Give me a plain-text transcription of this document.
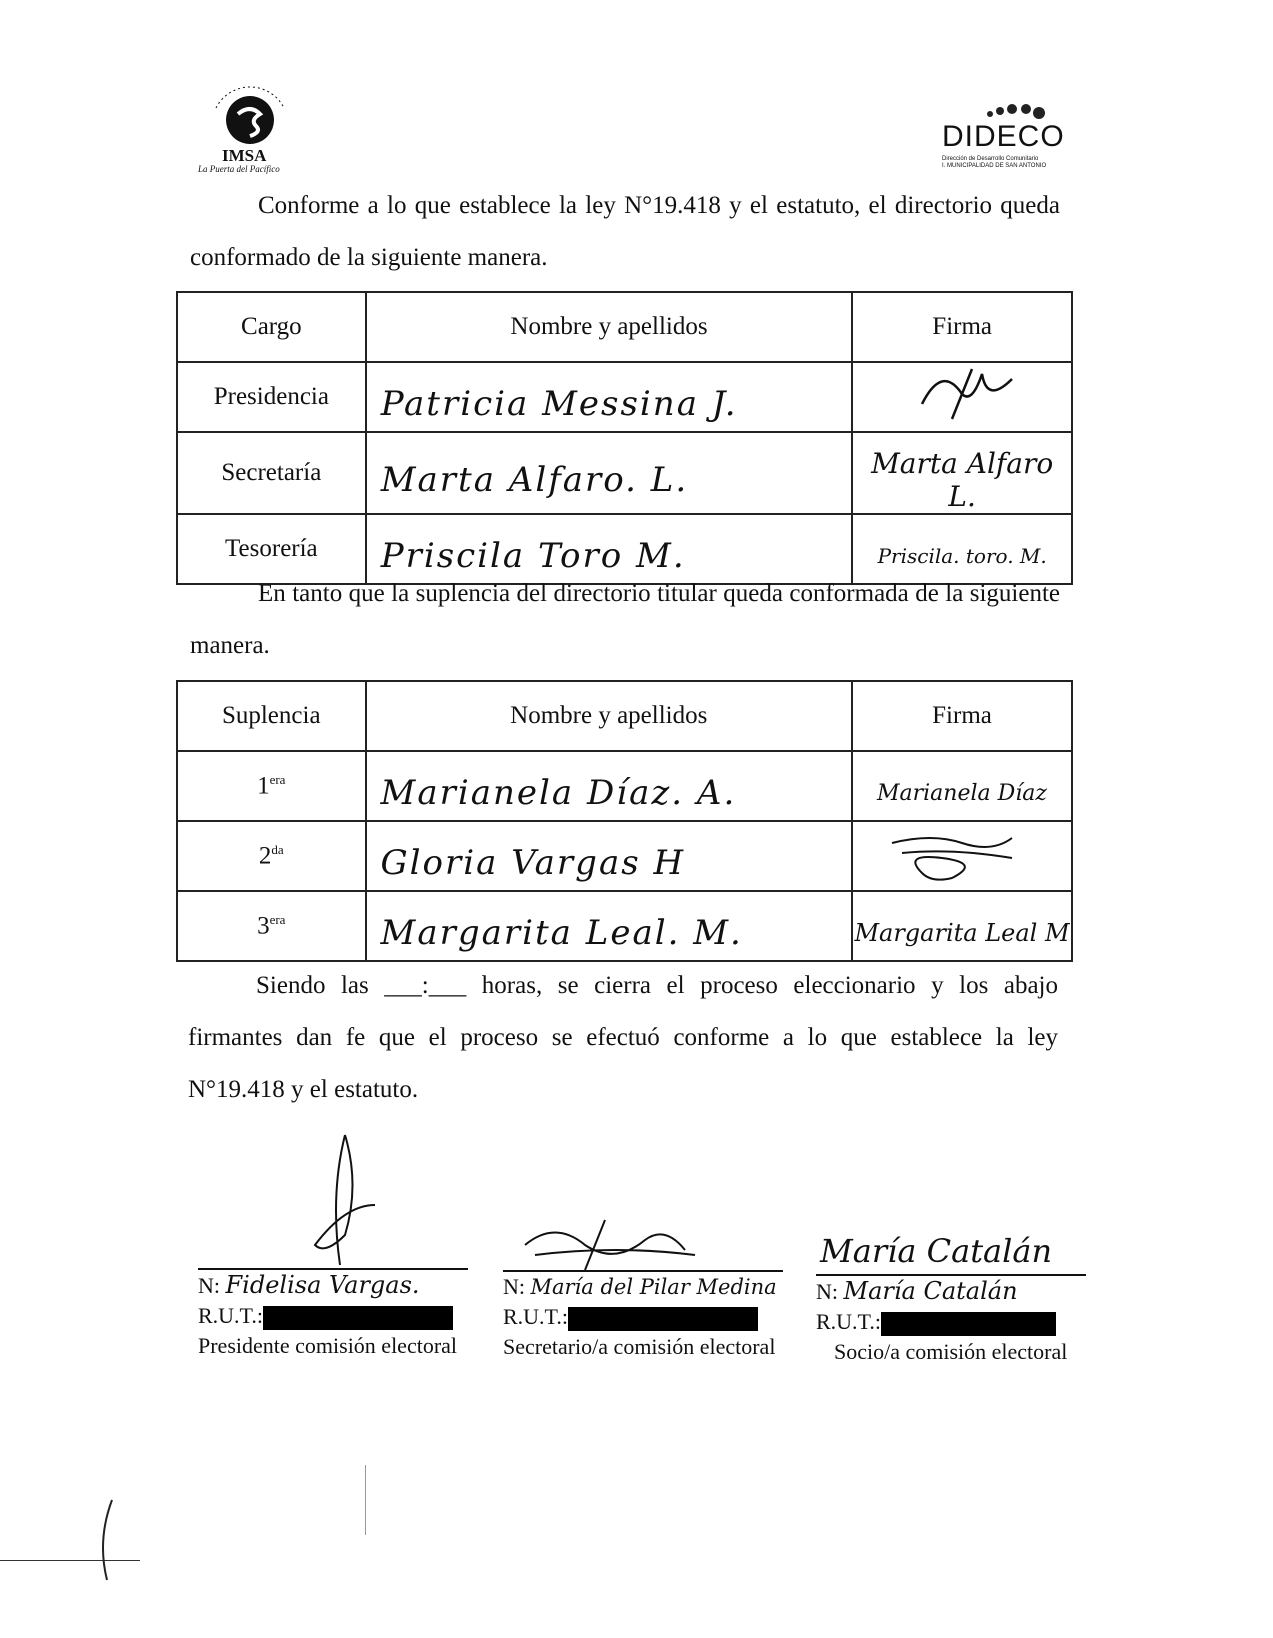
IMSA
La Puerta del Pacífico
DIDECO
Dirección de Desarrollo Comunitario
I. MUNICIPALIDAD DE SAN ANTONIO
Conforme a lo que establece la ley N°19.418 y el estatuto, el directorio queda conformado de la siguiente manera.
Cargo	Nombre y apellidos	Firma
Presidencia	Patricia Messina J.

Secretaría	Marta Alfaro. L.	Marta Alfaro L.

Tesorería	Priscila Toro M.	Priscila. toro. M.
En tanto que la suplencia del directorio titular queda conformada de la siguiente manera.
Suplencia	Nombre y apellidos	Firma
$1^{era}$	Marianela Díaz. A.	Marianela Díaz

$2^{da}$	Gloria Vargas H

$3^{era}$	Margarita Leal. M.	Margarita Leal M
Siendo las ___:___ horas, se cierra el proceso eleccionario y los abajo
firmantes dan fe que el proceso se efectuó conforme a lo que establece la ley
N°19.418 y el estatuto.
N: Fidelisa Vargas.
R.U.T.:
Presidente comisión electoral
N: María del Pilar Medina
R.U.T.:
Secretario/a comisión electoral
María Catalán
N: María Catalán
R.U.T.:
Socio/a comisión electoral
